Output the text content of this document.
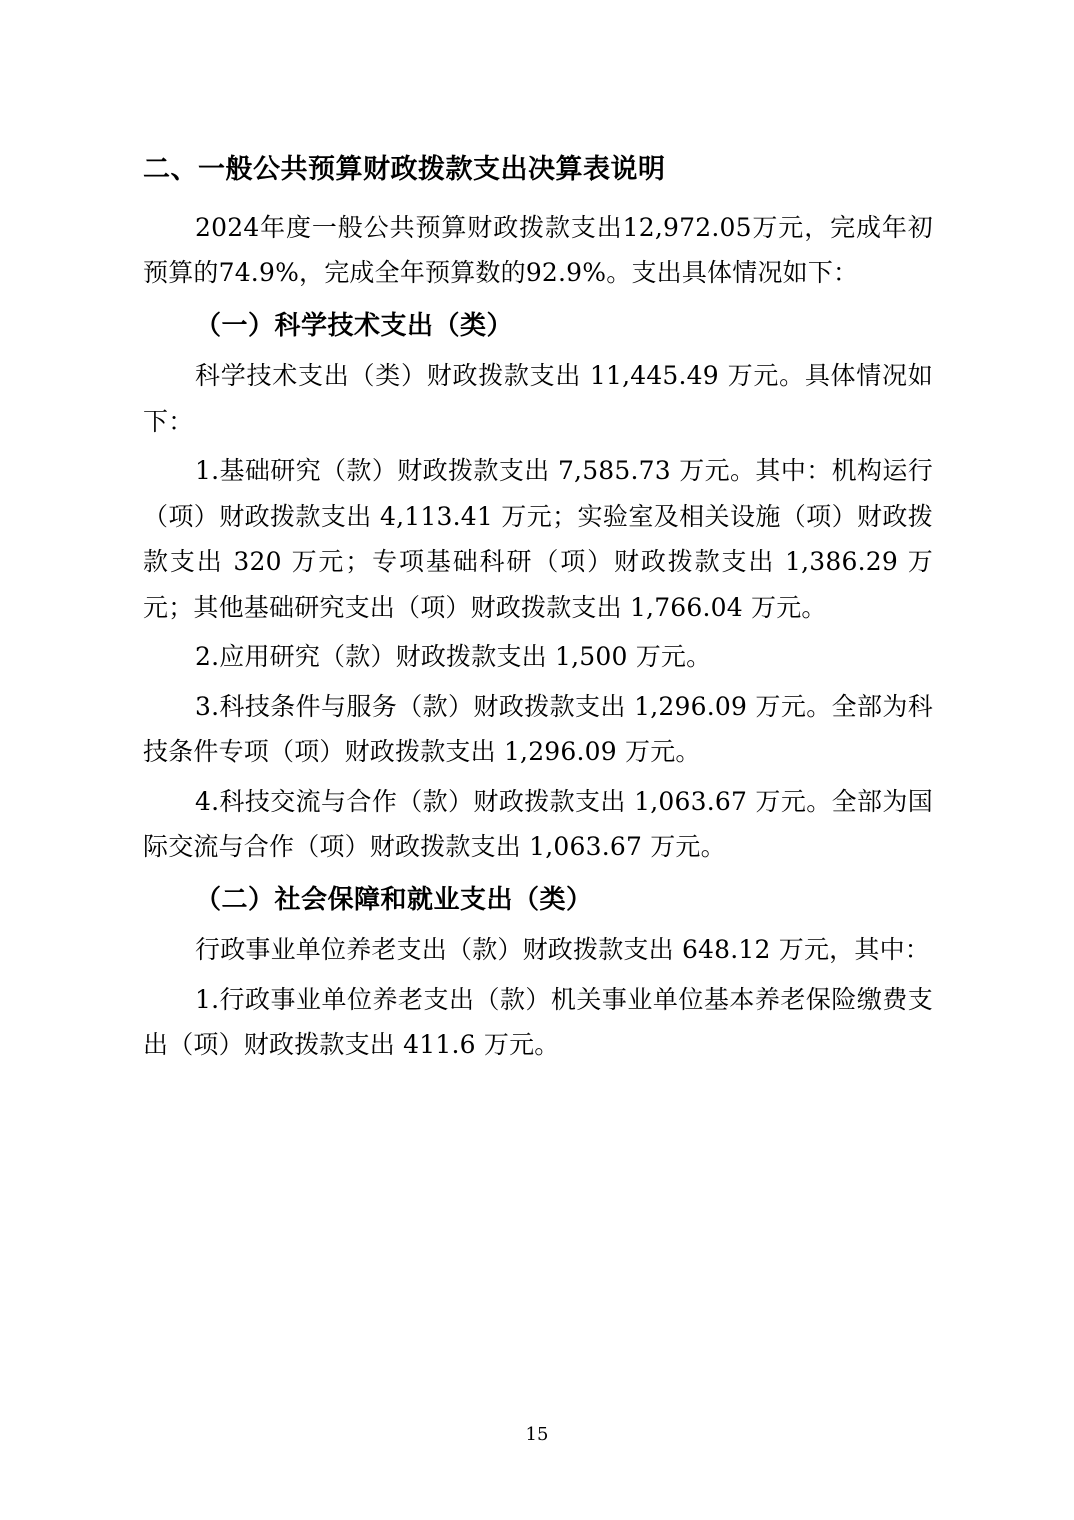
二、一般公共预算财政拨款支出决算表说明

2024年度一般公共预算财政拨款支出12,972.05万元，完成年初预算的74.9%，完成全年预算数的92.9%。支出具体情况如下：

（一）科学技术支出（类）

科学技术支出（类）财政拨款支出 11,445.49 万元。具体情况如下：

1.基础研究（款）财政拨款支出 7,585.73 万元。其中：机构运行（项）财政拨款支出 4,113.41 万元；实验室及相关设施（项）财政拨款支出 320 万元；专项基础科研（项）财政拨款支出 1,386.29 万元；其他基础研究支出（项）财政拨款支出 1,766.04 万元。

2.应用研究（款）财政拨款支出 1,500 万元。

3.科技条件与服务（款）财政拨款支出 1,296.09 万元。全部为科技条件专项（项）财政拨款支出 1,296.09 万元。

4.科技交流与合作（款）财政拨款支出 1,063.67 万元。全部为国际交流与合作（项）财政拨款支出 1,063.67 万元。

（二）社会保障和就业支出（类）

行政事业单位养老支出（款）财政拨款支出 648.12 万元，其中：

1.行政事业单位养老支出（款）机关事业单位基本养老保险缴费支出（项）财政拨款支出 411.6 万元。

15
